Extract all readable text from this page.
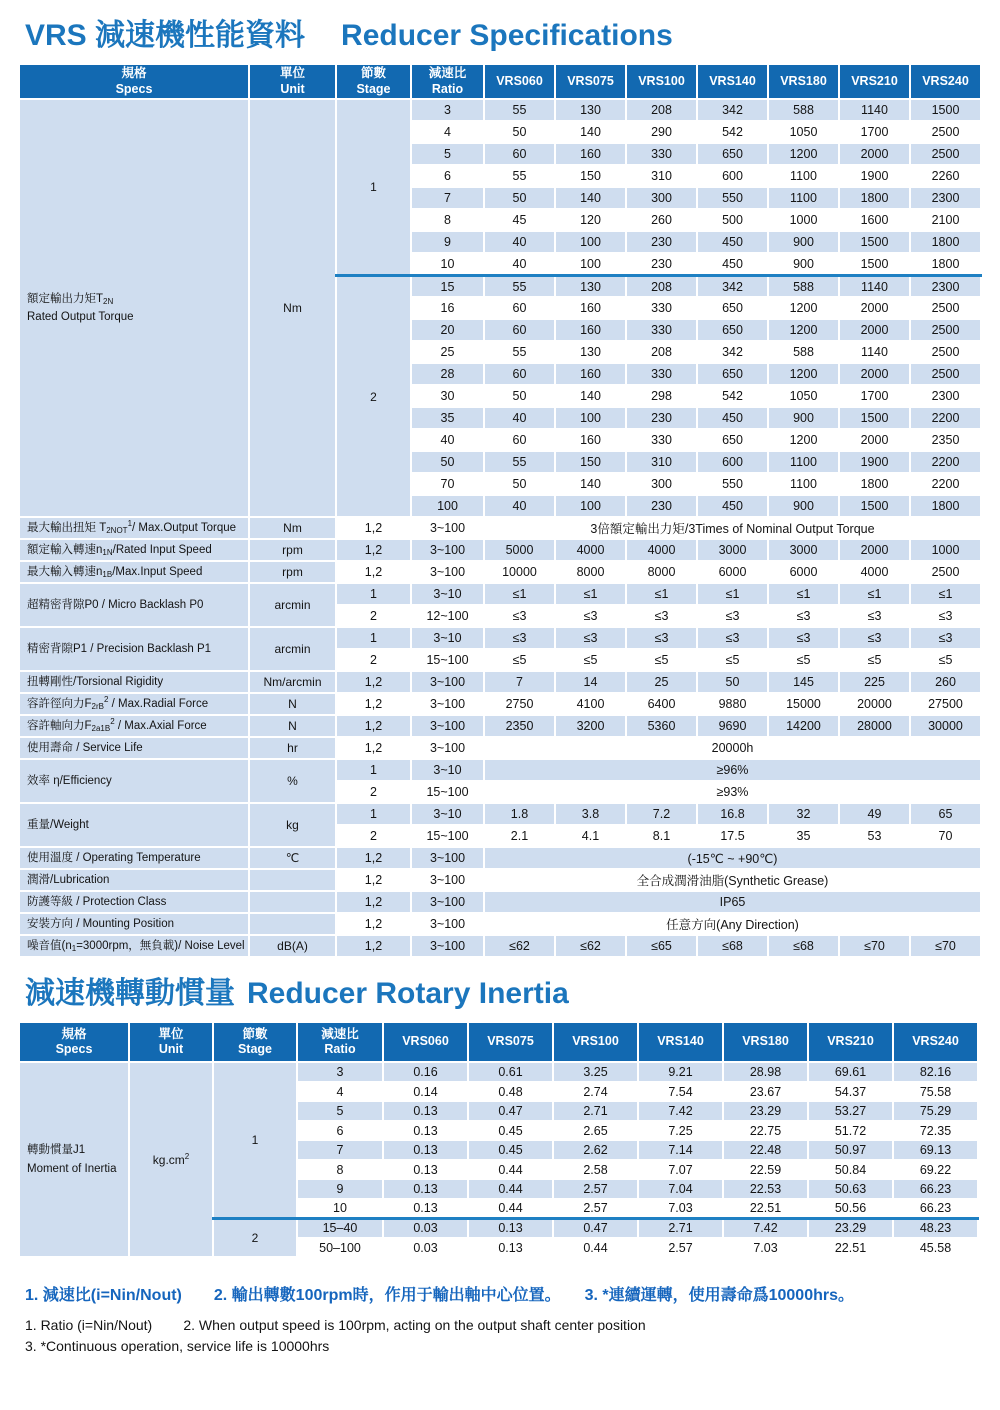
VRS 減速機性能資料 Reducer Specifications
規格
Specs

單位
Unit

節數
Stage

減速比
Ratio
	VRS060	VRS075	VRS100	VRS140	VRS180	VRS210	VRS240

額定輸出力矩$T_{2N}$
Rated Output Torque	Nm	1	3	55	130	208	342	588	1140	1500
			4	50	140	290	542	1050	1700	2500
			5	60	160	330	650	1200	2000	2500
			6	55	150	310	600	1100	1900	2260
			7	50	140	300	550	1100	1800	2300
			8	45	120	260	500	1000	1600	2100
			9	40	100	230	450	900	1500	1800
			10	40	100	230	450	900	1500	1800
		2	15	55	130	208	342	588	1140	2300
			16	60	160	330	650	1200	2000	2500
			20	60	160	330	650	1200	2000	2500
			25	55	130	208	342	588	1140	2500
			28	60	160	330	650	1200	2000	2500
			30	50	140	298	542	1050	1700	2300
			35	40	100	230	450	900	1500	2200
			40	60	160	330	650	1200	2000	2350
			50	55	150	310	600	1100	1900	2200
			70	50	140	300	550	1100	1800	2200
			100	40	100	230	450	900	1500	1800
最大輸出扭矩 $T_{2NOT}^1/$ Max.Output Torque	Nm	1,2	3~100	3倍額定輸出力矩/3Times of Nominal Output Torque						
額定輸入轉速$n_{1N}$/Rated Input Speed	rpm	1,2	3~100	5000	4000	4000	3000	3000	2000	1000
最大輸入轉速$n_{1B}/Max.Input$ Speed	rpm	1,2	3~100	10000	8000	8000	6000	6000	4000	2500
超精密背隙P0 / Micro Backlash P0	arcmin	1	3~10	≤1	≤1	≤1	≤1	≤1	≤1	≤1
		2	12~100	≤3	≤3	≤3	≤3	≤3	≤3	≤3
精密背隙P1 / Precision Backlash P1	arcmin	1	3~10	≤3	≤3	≤3	≤3	≤3	≤3	≤3
		2	15~100	≤5	≤5	≤5	≤5	≤5	≤5	≤5
扭轉剛性/Torsional Rigidity	Nm/arcmin	1,2	3~100	7	14	25	50	145	225	260
容許徑向力$F_{2rB}^2$ / Max.Radial Force	N	1,2	3~100	2750	4100	6400	9880	15000	20000	27500
容許軸向力$F_{2a1B}^2$ / Max.Axial Force	N	1,2	3~100	2350	3200	5360	9690	14200	28000	30000
使用壽命 / Service Life	hr	1,2	3~100	20000h						
效率 η/Efficiency	%	1	3~10	≥96%						
		2	15~100	≥93%						
重量/Weight	kg	1	3~10	1.8	3.8	7.2	16.8	32	49	65
		2	15~100	2.1	4.1	8.1	17.5	35	53	70
使用溫度 / Operating Temperature	℃	1,2	3~100	(-15℃ ~ +90℃)						
潤滑/Lubrication		1,2	3~100	全合成潤滑油脂(Synthetic Grease)						
防護等級 / Protection Class		1,2	3~100	IP65						
安裝方向 / Mounting Position		1,2	3~100	任意方向(Any Direction)						
噪音值($n_1=3000rpm$，無負載)/ Noise Level	dB(A)	1,2	3~100	≤62	≤62	≤65	≤68	≤68	≤70	≤70
減速機轉動慣量 Reducer Rotary Inertia
規格
Specs

單位
Unit

節數
Stage

減速比
Ratio
	VRS060	VRS075	VRS100	VRS140	VRS180	VRS210	VRS240

轉動慣量J1
Moment of Inertia	$kg.cm^2$	1	3	0.16	0.61	3.25	9.21	28.98	69.61	82.16
			4	0.14	0.48	2.74	7.54	23.67	54.37	75.58
			5	0.13	0.47	2.71	7.42	23.29	53.27	75.29
			6	0.13	0.45	2.65	7.25	22.75	51.72	72.35
			7	0.13	0.45	2.62	7.14	22.48	50.97	69.13
			8	0.13	0.44	2.58	7.07	22.59	50.84	69.22
			9	0.13	0.44	2.57	7.04	22.53	50.63	66.23
			10	0.13	0.44	2.57	7.03	22.51	50.56	66.23
		2	15–40	0.03	0.13	0.47	2.71	7.42	23.29	48.23
			50–100	0.03	0.13	0.44	2.57	7.03	22.51	45.58
1. 減速比(i=Nin/Nout)　　2. 輸出轉數100rpm時，作用于輸出軸中心位置。　　3. *連續運轉，使用壽命爲10000hrs。
1. Ratio (i=Nin/Nout)        2. When output speed is 100rpm, acting on the output shaft center position
3. *Continuous operation, service life is 10000hrs
